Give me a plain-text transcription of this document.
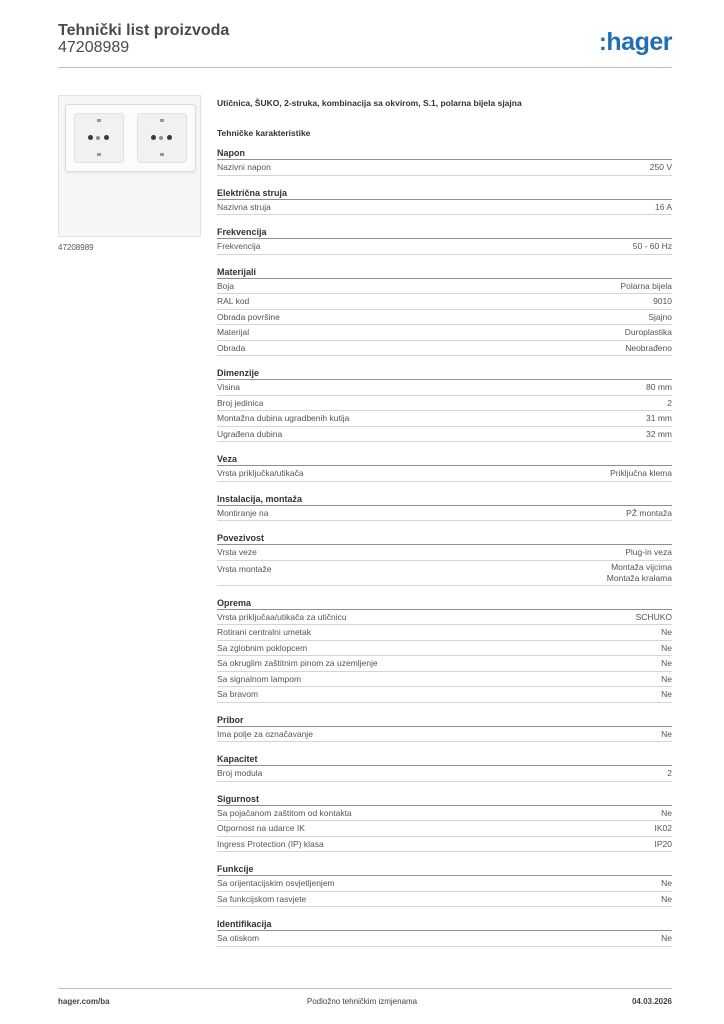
Tehnički list proizvoda
47208989	:hager
47208989
Utičnica, ŠUKO, 2-struka, kombinacija sa okvirom, S.1, polarna bijela sjajna
Tehničke karakteristike
Napon
Nazivni napon	250 V
Električna struja
Nazivna struja	16 A
Frekvencija
Frekvencija	50 - 60 Hz
Materijali
Boja	Polarna bijela
RAL kod	9010
Obrada površine	Sjajno
Materijal	Duroplastika
Obrada	Neobrađeno
Dimenzije
Visina	80 mm
Broj jedinica	2
Montažna dubina ugradbenih kutija	31 mm
Ugrađena dubina	32 mm
Veza
Vrsta priključka/utikača	Priključna klema
Instalacija, montaža
Montiranje na	PŽ montaža
Povezivost
Vrsta veze	Plug-in veza
Vrsta montaže	Montaža vijcima
Montaža kralama
Oprema
Vrsta priključaa/utikača za utičnicu	SCHUKO
Rotirani centralni umetak	Ne
Sa zglobnim poklopcem	Ne
Sa okruglim zaštitnim pinom za uzemljenje	Ne
Sa signalnom lampom	Ne
Sa bravom	Ne
Pribor
Ima polje za označavanje	Ne
Kapacitet
Broj modula	2
Sigurnost
Sa pojačanom zaštitom od kontakta	Ne
Otpornost na udarce IK	IK02
Ingress Protection (IP) klasa	IP20
Funkcije
Sa orijentacijskim osvjetljenjem	Ne
Sa funkcijskom rasvjete	Ne
Identifikacija
Sa otiskom	Ne
hager.com/ba	Podložno tehničkim izmjenama	04.03.2026
